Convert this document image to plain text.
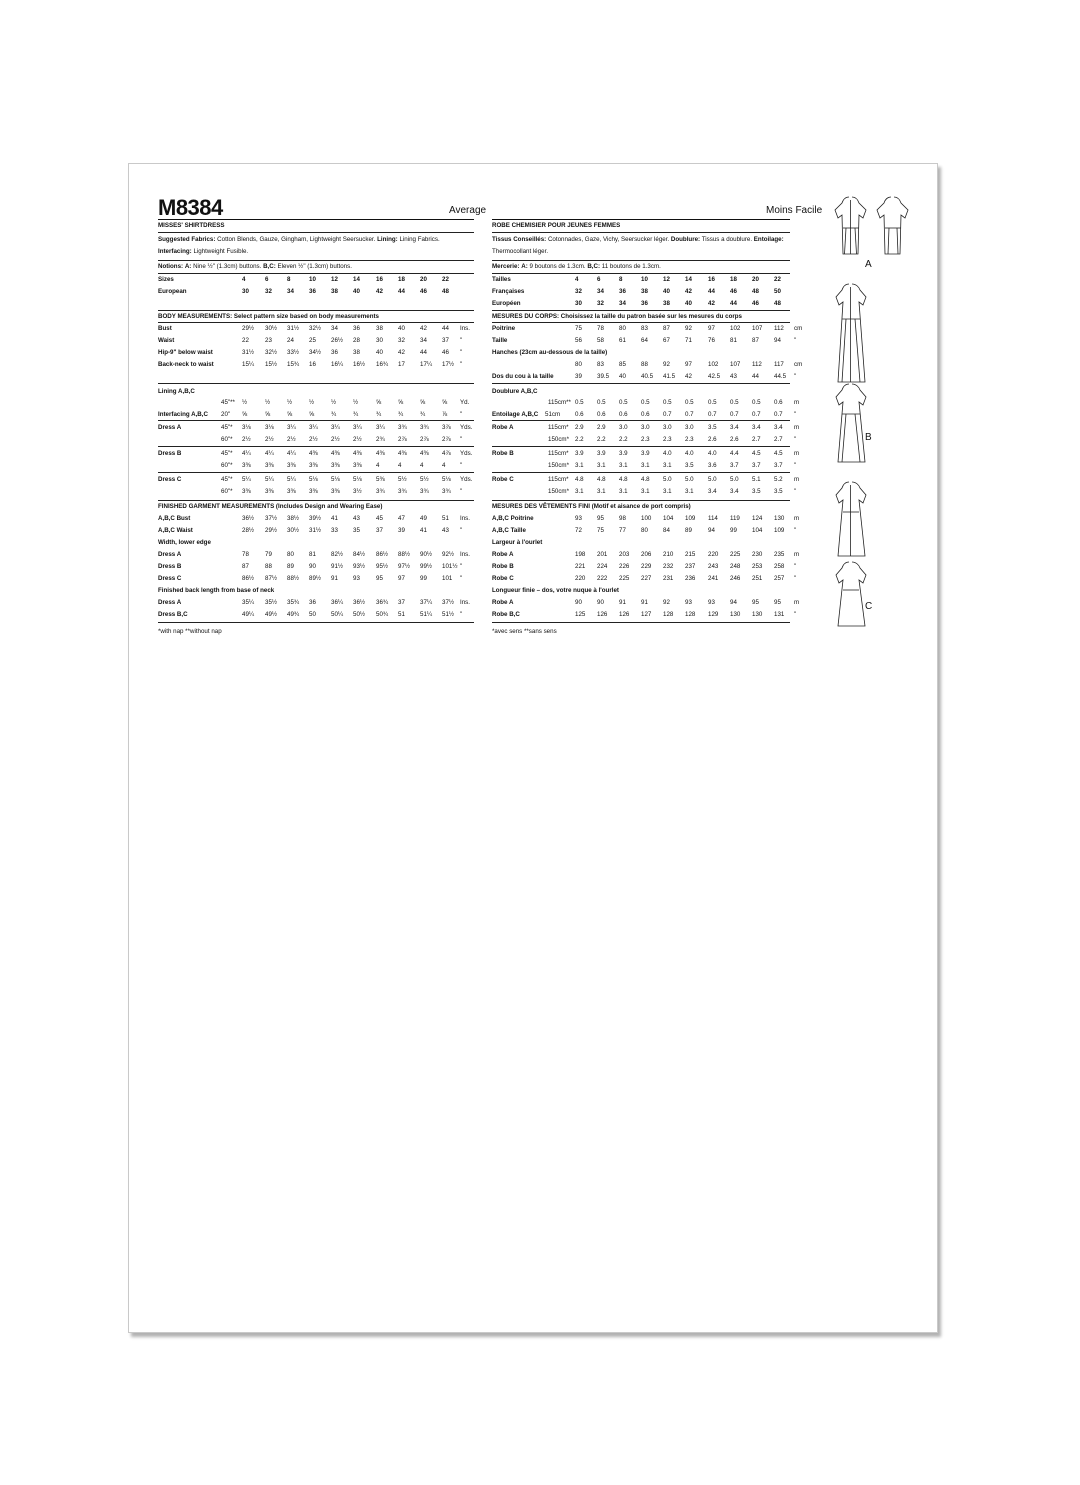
M8384	Average	Moins Facile
MISSES' SHIRTDRESS
Suggested Fabrics: Cotton Blends, Gauze, Gingham, Lightweight Seersucker. Lining: Lining Fabrics.
Interfacing: Lightweight Fusible.
Notions: A: Nine ½" (1.3cm) buttons. B,C: Eleven ½" (1.3cm) buttons.
Sizes	4	6	8	10 12 14	16 18 20 22
European	30	32 34 36 38 40	42 44 46 48
BODY MEASUREMENTS: Select pattern size based on body measurements
Bust	29½ 30½ 31½ 32½ 34 36	38 40 42 44 Ins.
Waist	22	23 24 25 26½ 28	30 32 34 37 "
Hip-9" below waist	31½ 32½ 33½ 34½ 36 38	40 42 44 46 "
Back-neck to waist	15¼ 15½ 15¾ 16 16¼ 16½ 16¾ 17 17¼ 17½ "
Lining A,B,C
45"** ½	½	½	½	½	½	⅝	⅝	⅝	⅝ Yd.
Interfacing A,B,C 20" ⅝	⅝	⅝	⅝	¾	¾	¾	¾	¾	⅞ "
Dress A	45"* 3⅛ 3⅛ 3¼ 3¼ 3¼ 3¼ 3¼ 3¾ 3¾ 3⅞ Yds.
60"* 2½ 2½ 2½ 2½ 2½ 2½ 2¾ 2⅞ 2⅞ 2⅞ "
Dress B	45"* 4¼ 4¼ 4¼ 4⅜ 4⅜ 4⅜ 4⅜ 4⅜ 4⅜ 4⅞ Yds.
60"* 3⅜ 3⅜ 3⅜ 3⅜ 3⅜ 3⅜ 4	4	4	4 "
Dress C	45"* 5¼ 5¼ 5¼ 5⅛ 5⅛ 5⅛ 5⅜ 5½ 5½ 5⅛ Yds.
60"* 3⅜ 3⅜ 3⅜ 3⅜ 3⅜ 3½ 3¾ 3¾ 3¾ 3¾ "
FINISHED GARMENT MEASUREMENTS (Includes Design and Wearing Ease)
A,B,C Bust	36½ 37½ 38½ 39½ 41 43	45 47 49 51 Ins.
A,B,C Waist	28½ 29½ 30½ 31½ 33 35	37 39 41 43 "
Width, lower edge
Dress A	78	79 80 81 82½ 84½ 86½ 88½ 90½ 92½ Ins.
Dress B	87	88 89 90 91½ 93½ 95½ 97½ 99½ 101½ "
Dress C	86½ 87½ 88½ 89½ 91 93	95 97 99 101 "
Finished back length from base of neck
Dress A	35¼ 35½ 35¾ 36 36¼ 36½ 36¾ 37 37¼ 37½ Ins.
Dress B,C	49¼ 49½ 49¾ 50 50¼ 50½ 50¾ 51 51¼ 51½ "
*with nap **without nap
ROBE CHEMISIER POUR JEUNES FEMMES
Tissus Conseillés: Cotonnades, Gaze, Vichy, Seersucker léger. Doublure: Tissus a doublure. Entoilage:
Thermocollant léger.
Mercerie: A: 9 boutons de 1.3cm. B,C: 11 boutons de 1.3cm.
Tailles	4	6	8	10 12 14	16 18 20 22
Françaises	32 34 36 38 40 42	44 46 48 50
Européen	30 32 34 36 38 40	42 44 46 48
MESURES DU CORPS: Choisissez la taille du patron basée sur les mesures du corps
Poitrine	75 78 80 83 87 92	97 102 107 112 cm
Taille	56 58 61 64 67 71	76 81 87 94 "
Hanches (23cm au-dessous de la taille)
80 83 85 88 92 97	102 107 112 117 cm
Dos du cou à la taille	39 39.5 40 40.5 41.5 42	42.5 43 44 44.5 "
Doublure A,B,C
115cm** 0.5 0.5 0.5 0.5 0.5 0.5 0.5 0.5 0.5 0.6 m
Entoilage A,B,C 51cm 0.6 0.6 0.6 0.6 0.7 0.7 0.7 0.7 0.7 0.7 "
Robe A	115cm* 2.9 2.9 3.0 3.0 3.0 3.0 3.5 3.4 3.4 3.4 m
150cm* 2.2 2.2 2.2 2.3 2.3 2.3 2.6 2.6 2.7 2.7 "
Robe B	115cm* 3.9 3.9 3.9 3.9 4.0 4.0 4.0 4.4 4.5 4.5 m
150cm* 3.1 3.1 3.1 3.1 3.1 3.5 3.6 3.7 3.7 3.7 "
Robe C	115cm* 4.8 4.8 4.8 4.8 5.0 5.0 5.0 5.0 5.1 5.2 m
150cm* 3.1 3.1 3.1 3.1 3.1 3.1 3.4 3.4 3.5 3.5 "
MESURES DES VÊTEMENTS FINI (Motif et aisance de port compris)
A,B,C Poitrine	93 95 98 100 104 109 114 119 124 130 m
A,B,C Taille	72 75 77 80 84 89	94 99 104 109 "
Largeur à l'ourlet
Robe A	198 201 203 206 210 215 220 225 230 235 m
Robe B	221 224 226 229 232 237 243 248 253 258 "
Robe C	220 222 225 227 231 236 241 246 251 257 "
Longueur finie – dos, votre nuque à l'ourlet
Robe A	90 90 91 91 92 93	93 94 95 95 m
Robe B,C	125 126 126 127 128 128 129 130 130 131 "
*avec sens **sans sens
A
B
C
